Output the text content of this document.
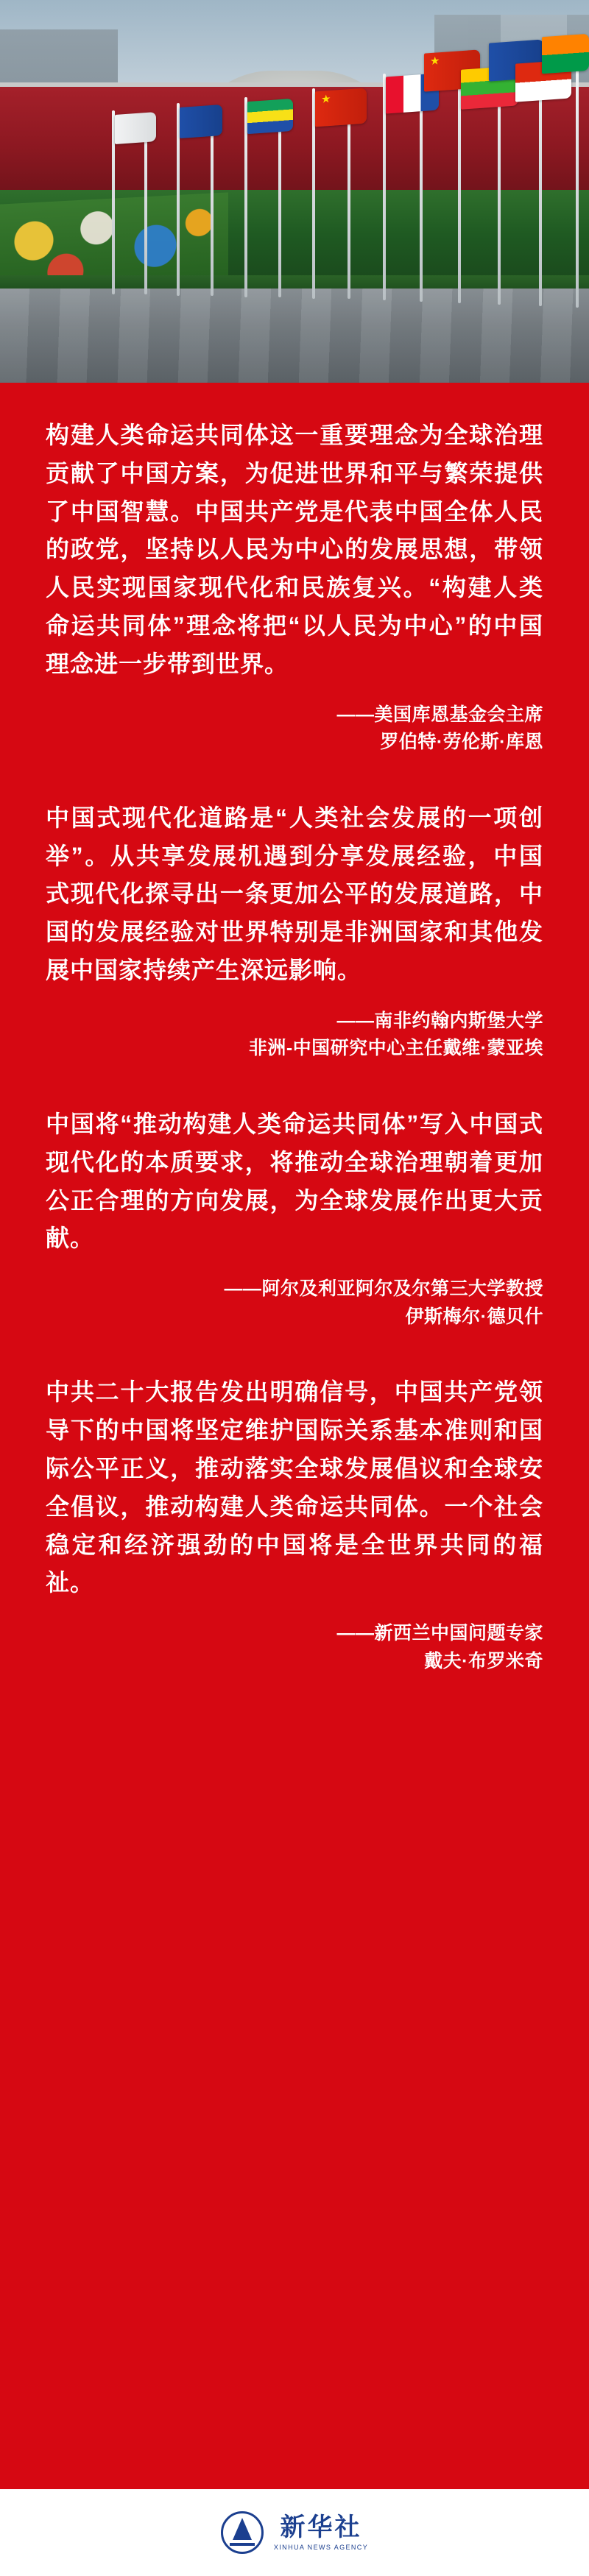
★
★
构建人类命运共同体这一重要理念为全球治理贡献了中国方案，为促进世界和平与繁荣提供了中国智慧。中国共产党是代表中国全体人民的政党，坚持以人民为中心的发展思想，带领人民实现国家现代化和民族复兴。“构建人类命运共同体”理念将把“以人民为中心”的中国理念进一步带到世界。
——美国库恩基金会主席
罗伯特·劳伦斯·库恩
中国式现代化道路是“人类社会发展的一项创举”。从共享发展机遇到分享发展经验，中国式现代化探寻出一条更加公平的发展道路，中国的发展经验对世界特别是非洲国家和其他发展中国家持续产生深远影响。
——南非约翰内斯堡大学
非洲-中国研究中心主任戴维·蒙亚埃
中国将“推动构建人类命运共同体”写入中国式现代化的本质要求，将推动全球治理朝着更加公正合理的方向发展，为全球发展作出更大贡献。
——阿尔及利亚阿尔及尔第三大学教授
伊斯梅尔·德贝什
中共二十大报告发出明确信号，中国共产党领导下的中国将坚定维护国际关系基本准则和国际公平正义，推动落实全球发展倡议和全球安全倡议，推动构建人类命运共同体。一个社会稳定和经济强劲的中国将是全世界共同的福祉。
——新西兰中国问题专家
戴夫·布罗米奇
新华社
XINHUA NEWS AGENCY
